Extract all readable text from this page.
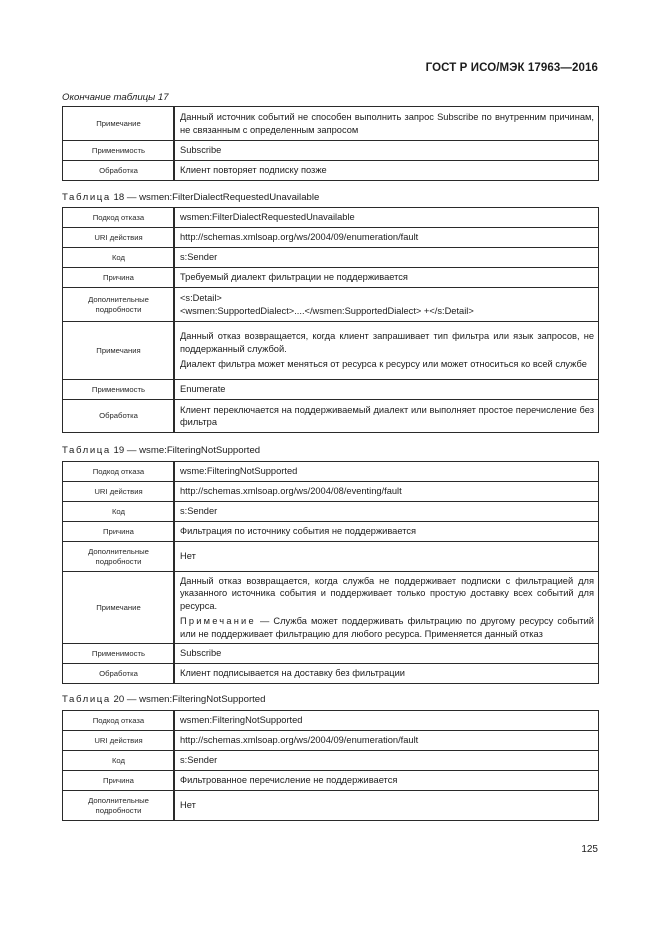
ГОСТ Р ИСО/МЭК 17963—2016
Окончание таблицы 17
Примечание	Данный источник событий не способен выполнить запрос Subscribe по внутренним причинам, не связанным с определенным запросом
Применимость	Subscribe
Обработка	Клиент повторяет подписку позже
Таблица 18 — wsmen:FilterDialectRequestedUnavailable
Подкод отказа	wsmen:FilterDialectRequestedUnavailable
URI действия	http://schemas.xmlsoap.org/ws/2004/09/enumeration/fault
Код	s:Sender
Причина	Требуемый диалект фильтрации не поддерживается
Дополнительные подробности	<s:Detail>
<wsmen:SupportedDialect>....</wsmen:SupportedDialect> +</s:Detail>

Примечания	Данный отказ возвращается, когда клиент запрашивает тип фильтра или язык запросов, не поддержанный службой.
Диалект фильтра может меняться от ресурса к ресурсу или может относиться ко всей службе

Применимость	Enumerate
Обработка	Клиент переключается на поддерживаемый диалект или выполняет простое перечисление без фильтра
Таблица 19 — wsme:FilteringNotSupported
Подкод отказа	wsme:FilteringNotSupported
URI действия	http://schemas.xmlsoap.org/ws/2004/08/eventing/fault
Код	s:Sender
Причина	Фильтрация по источнику события не поддерживается
Дополнительные подробности	Нет
Примечание	Данный отказ возвращается, когда служба не поддерживает подписки с фильтрацией для указанного источника события и поддерживает только простую доставку всех событий для ресурса.
Примечание — Служба может поддерживать фильтрацию по другому ресурсу событий или не поддерживает фильтрацию для любого ресурса. Применяется данный отказ

Применимость	Subscribe
Обработка	Клиент подписывается на доставку без фильтрации
Таблица 20 — wsmen:FilteringNotSupported
Подкод отказа	wsmen:FilteringNotSupported
URI действия	http://schemas.xmlsoap.org/ws/2004/09/enumeration/fault
Код	s:Sender
Причина	Фильтрованное перечисление не поддерживается
Дополнительные подробности	Нет
125
